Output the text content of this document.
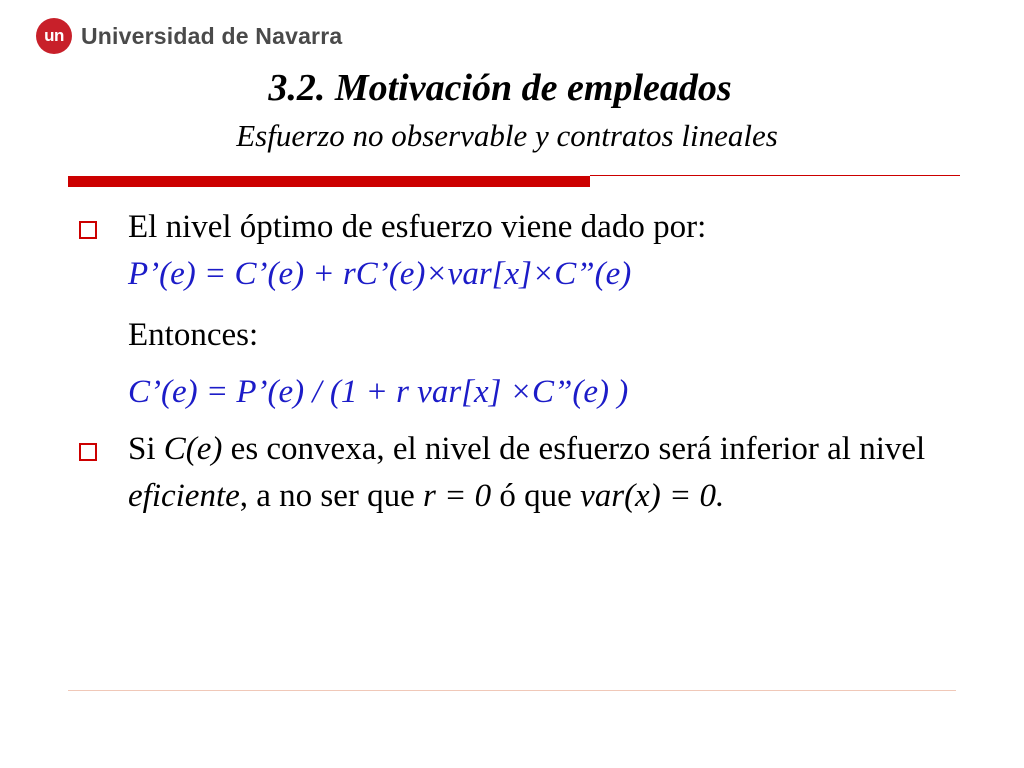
un Universidad de Navarra
3.2. Motivación de empleados
Esfuerzo no observable y contratos lineales
El nivel óptimo de esfuerzo viene dado por:
P’(e) = C’(e) + rC’(e)×var[x]×C”(e)
Entonces:
C’(e) = P’(e) / (1 + r var[x] ×C”(e) )
Si C(e) es convexa, el nivel de esfuerzo será inferior al nivel eficiente, a no ser que r = 0 ó que var(x) = 0.
